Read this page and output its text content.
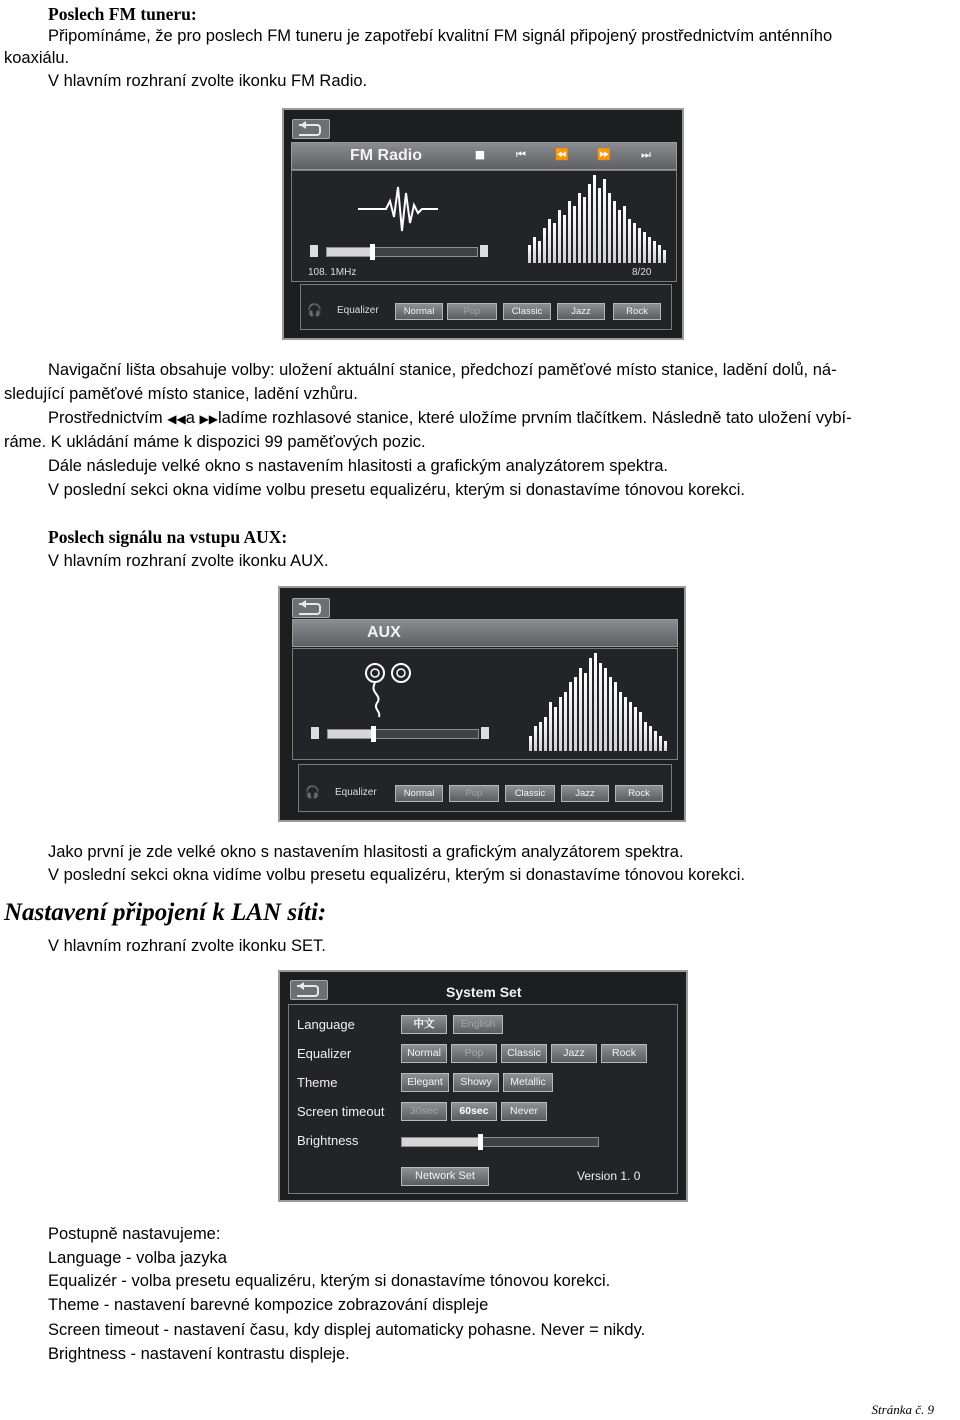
Poslech FM tuneru:
Připomínáme, že pro poslech FM tuneru je zapotřebí kvalitní FM signál připojený prostřednictvím anténního
koaxiálu.
V hlavním rozhraní zvolte ikonku FM Radio.
FM Radio	■	⏮	⏪	⏩	⏭
108. 1MHz	8/20
🎧 Equalizer	Normal	Pop	Classic	Jazz	Rock
Navigační lišta obsahuje volby: uložení aktuální stanice, předchozí paměťové místo stanice, ladění dolů, ná-
sledující paměťové místo stanice, ladění vzhůru.
Prostřednictvím ◀◀a ▶▶ladíme rozhlasové stanice, které uložíme prvním tlačítkem. Následně tato uložení vybí-
ráme. K ukládání máme k dispozici 99 paměťových pozic.
Dále následuje velké okno s nastavením hlasitosti a grafickým analyzátorem spektra.
V poslední sekci okna vidíme volbu presetu equalizéru, kterým si donastavíme tónovou korekci.
Poslech signálu na vstupu AUX:
V hlavním rozhraní zvolte ikonku AUX.
AUX
🎧 Equalizer	Normal	Pop	Classic	Jazz	Rock
Jako první je zde velké okno s nastavením hlasitosti a grafickým analyzátorem spektra.
V poslední sekci okna vidíme volbu presetu equalizéru, kterým si donastavíme tónovou korekci.
Nastavení připojení k LAN síti:
V hlavním rozhraní zvolte ikonku SET.
System Set
Language	中文	English
Equalizer	Normal	Pop	Classic	Jazz	Rock
Theme	Elegant	Showy	Metallic
Screen timeout	30sec	60sec	Never
Brightness
Network Set	Version 1. 0
Postupně nastavujeme:
Language - volba jazyka
Equalizér - volba presetu equalizéru, kterým si donastavíme tónovou korekci.
Theme - nastavení barevné kompozice zobrazování displeje
Screen timeout - nastavení času, kdy displej automaticky pohasne. Never = nikdy.
Brightness - nastavení kontrastu displeje.
Stránka č. 9
